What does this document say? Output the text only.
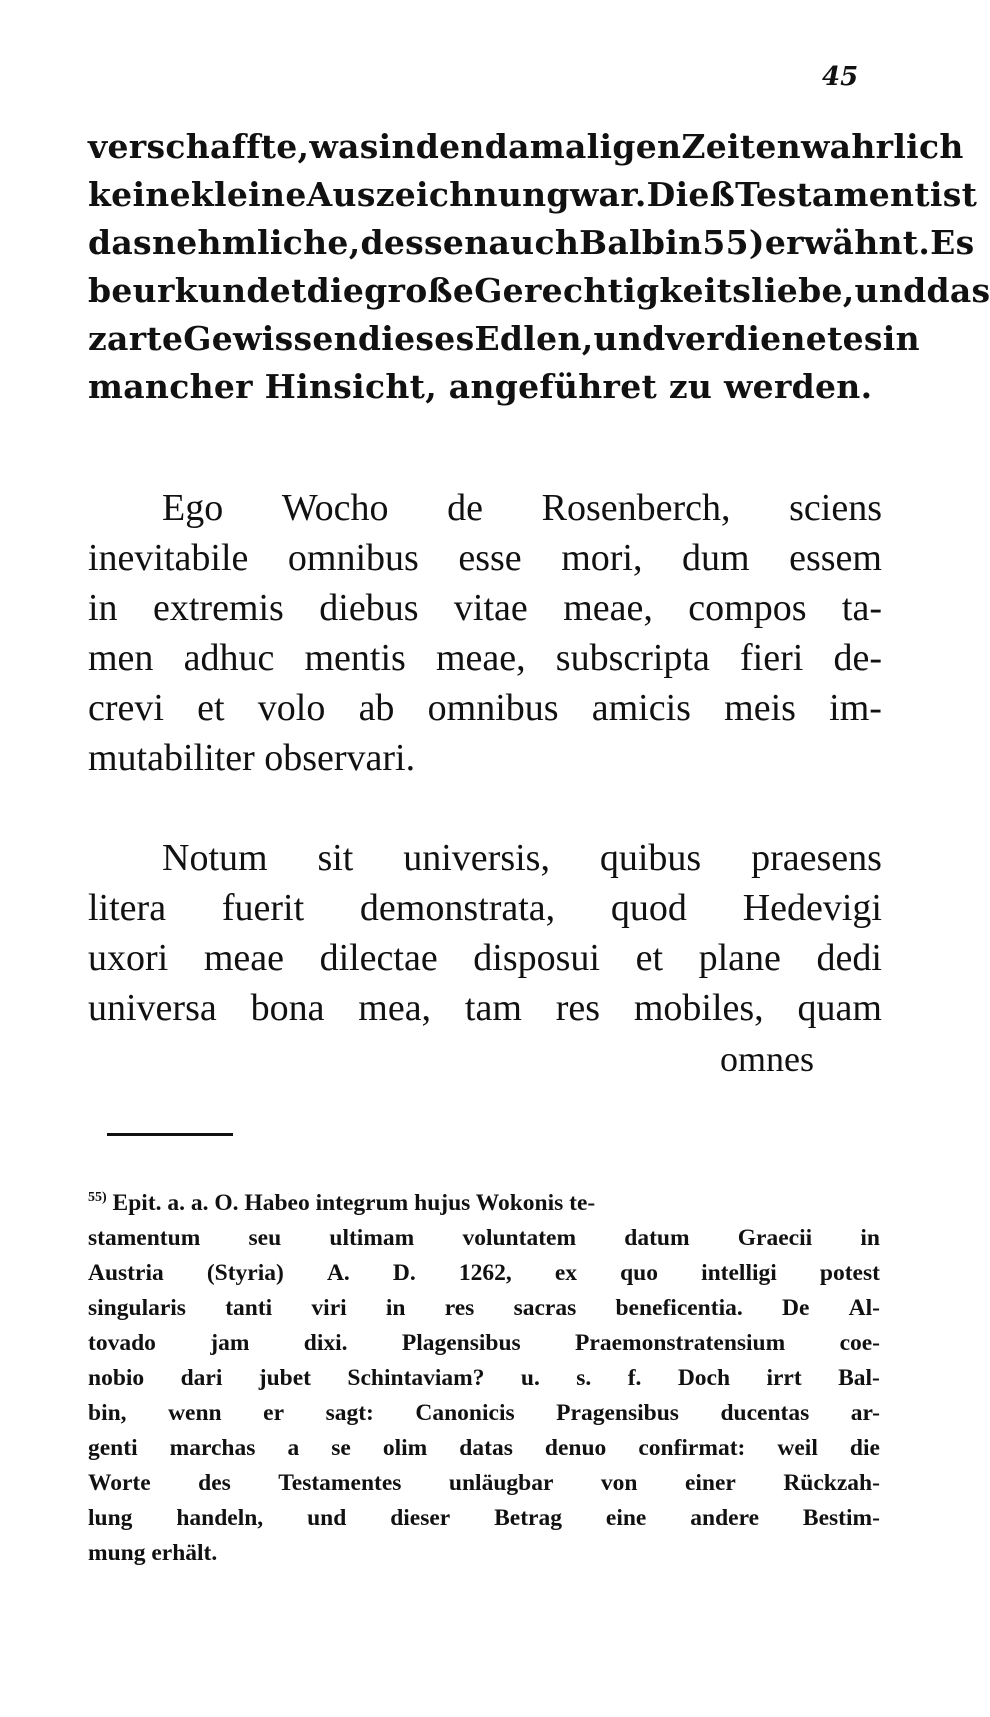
45
verschaffte, was in den damaligen Zeiten wahrlich
keine kleine Auszeichnung war. Dieß Testament ist
das nehmliche, dessen auch Balbin 55) erwähnt. Es
beurkundet die große Gerechtigkeitsliebe, und das
zarte Gewissen dieses Edlen, und verdienet es in
mancher Hinsicht, angeführet zu werden.
Ego Wocho de Rosenberch, sciens
inevitabile omnibus esse mori, dum essem
in extremis diebus vitae meae, compos ta-
men adhuc mentis meae, subscripta fieri de-
crevi et volo ab omnibus amicis meis im-
mutabiliter observari.
Notum sit universis, quibus praesens
litera fuerit demonstrata, quod Hedevigi
uxori meae dilectae disposui et plane dedi
universa bona mea, tam res mobiles, quam
omnes
$^{55)}$ Epit. a. a. O. Habeo integrum hujus Wokonis te-
stamentum seu ultimam voluntatem datum Graecii in
Austria (Styria) A. D. 1262, ex quo intelligi potest
singularis tanti viri in res sacras beneficentia. De Al-
tovado jam dixi. Plagensibus Praemonstratensium coe-
nobio dari jubet Schintaviam? u. s. f. Doch irrt Bal-
bin, wenn er sagt: Canonicis Pragensibus ducentas ar-
genti marchas a se olim datas denuo confirmat: weil die
Worte des Testamentes unläugbar von einer Rückzah-
lung handeln, und dieser Betrag eine andere Bestim-
mung erhält.
